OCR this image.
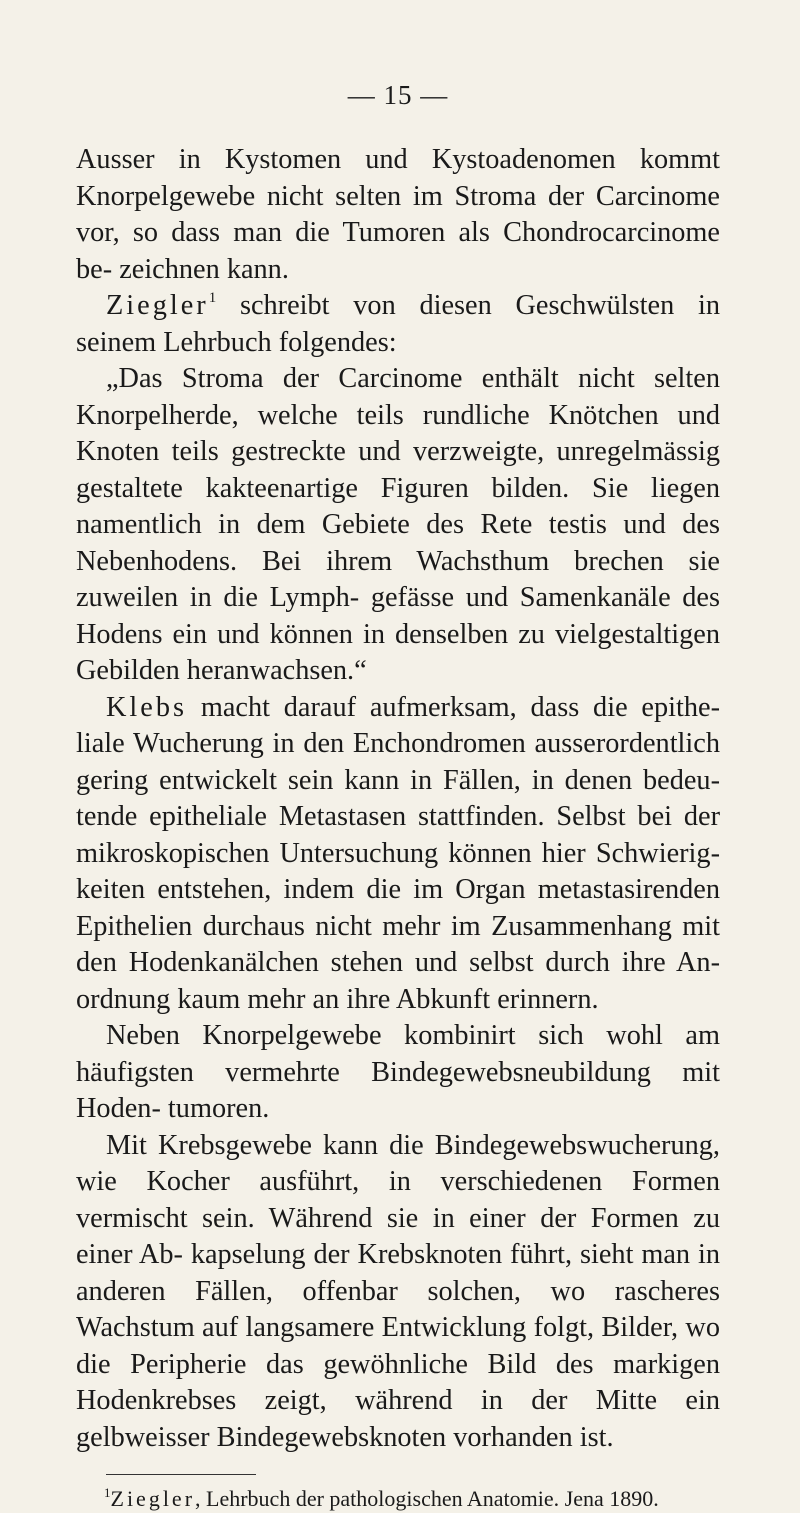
— 15 —

Ausser in Kystomen und Kystoadenomen kommt Knorpelgewebe nicht selten im Stroma der Carcinome vor, so dass man die Tumoren als Chondrocarcinome be- zeichnen kann.

Ziegler$^1$ schreibt von diesen Geschwülsten in seinem Lehrbuch folgendes:

„Das Stroma der Carcinome enthält nicht selten Knorpelherde, welche teils rundliche Knötchen und Knoten teils gestreckte und verzweigte, unregelmässig gestaltete kakteenartige Figuren bilden. Sie liegen namentlich in dem Gebiete des Rete testis und des Nebenhodens. Bei ihrem Wachsthum brechen sie zuweilen in die Lymph- gefässe und Samenkanäle des Hodens ein und können in denselben zu vielgestaltigen Gebilden heranwachsen.“

Klebs macht darauf aufmerksam, dass die epithe- liale Wucherung in den Enchondromen ausserordentlich gering entwickelt sein kann in Fällen, in denen bedeu- tende epitheliale Metastasen stattfinden. Selbst bei der mikroskopischen Untersuchung können hier Schwierig- keiten entstehen, indem die im Organ metastasirenden Epithelien durchaus nicht mehr im Zusammenhang mit den Hodenkanälchen stehen und selbst durch ihre An- ordnung kaum mehr an ihre Abkunft erinnern.

Neben Knorpelgewebe kombinirt sich wohl am häufigsten vermehrte Bindegewebsneubildung mit Hoden- tumoren.

Mit Krebsgewebe kann die Bindegewebswucherung, wie Kocher ausführt, in verschiedenen Formen vermischt sein. Während sie in einer der Formen zu einer Ab- kapselung der Krebsknoten führt, sieht man in anderen Fällen, offenbar solchen, wo rascheres Wachstum auf langsamere Entwicklung folgt, Bilder, wo die Peripherie das gewöhnliche Bild des markigen Hodenkrebses zeigt, während in der Mitte ein gelbweisser Bindegewebsknoten vorhanden ist.

$^1$Ziegler, Lehrbuch der pathologischen Anatomie. Jena 1890.
